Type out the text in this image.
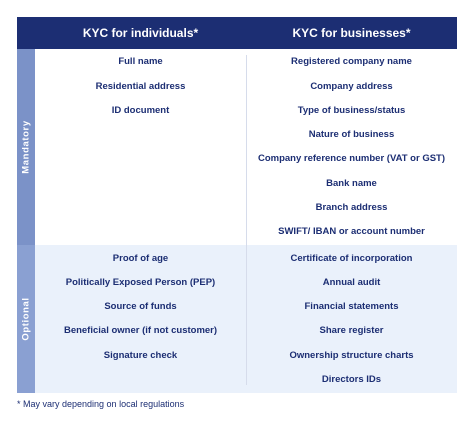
KYC for individuals*	KYC for businesses*
Mandatory
Optional
Full name
Residential address
ID document
Registered company name
Company address
Type of business/status
Nature of business
Company reference number (VAT or GST)
Bank name
Branch address
SWIFT/ IBAN or account number
Proof of age
Politically Exposed Person (PEP)
Source of funds
Beneficial owner (if not customer)
Signature check
Certificate of incorporation
Annual audit
Financial statements
Share register
Ownership structure charts
Directors IDs
* May vary depending on local regulations
